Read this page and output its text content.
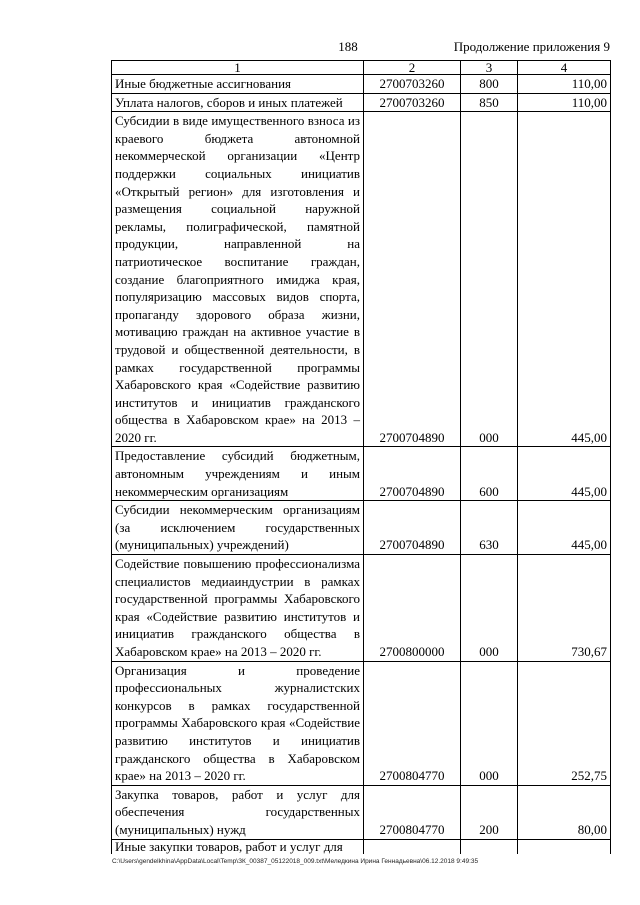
188	Продолжение приложения 9
1	2	3	4
Иные бюджетные ассигнования	2700703260	800	110,00
Уплата налогов, сборов и иных платежей	2700703260	850	110,00
Субсидии в виде имущественного взноса из краевого бюджета автономной некоммерческой организации «Центр поддержки социальных инициатив «Открытый регион» для изготовления и размещения социальной наружной рекламы, полиграфической, памятной продукции, направленной на патриотическое воспитание граждан, создание благоприятного имиджа края, популяризацию массовых видов спорта, пропаганду здорового образа жизни, мотивацию граждан на активное участие в трудовой и общественной деятельности, в рамках государственной программы Хабаровского края «Содействие развитию институтов и инициатив гражданского общества в Хабаровском крае» на 2013 – 2020 гг.	2700704890	000	445,00
Предоставление субсидий бюджетным, автономным учреждениям и иным некоммерческим организациям	2700704890	600	445,00
Субсидии некоммерческим организациям (за исключением государственных (муниципальных) учреждений)	2700704890	630	445,00
Содействие повышению профессионализма специалистов медиаиндустрии в рамках государственной программы Хабаровского края «Содействие развитию институтов и инициатив гражданского общества в Хабаровском крае» на 2013 – 2020 гг.	2700800000	000	730,67
Организация и проведение профессиональных журналистских конкурсов в рамках государственной программы Хабаровского края «Содействие развитию институтов и инициатив гражданского общества в Хабаровском крае» на 2013 – 2020 гг.	2700804770	000	252,75
Закупка товаров, работ и услуг для обеспечения государственных (муниципальных) нужд	2700804770	200	80,00
Иные закупки товаров, работ и услуг для			
C:\Users\gendelkhina\AppData\Local\Temp\ЗК_00387_05122018_009.txt\Меледкина Ирина Геннадьевна\06.12.2018 9:49:35
